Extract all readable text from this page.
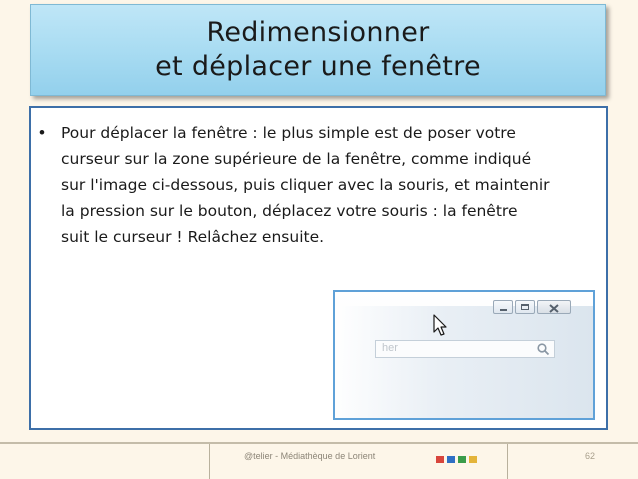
Redimensionner
et déplacer une fenêtre
•	Pour déplacer la fenêtre : le plus simple est de poser votre
curseur sur la zone supérieure de la fenêtre, comme indiqué
sur l'image ci-dessous, puis cliquer avec la souris, et maintenir
la pression sur le bouton, déplacez votre souris : la fenêtre
suit le curseur ! Relâchez ensuite.
her
@telier - Médiathèque de Lorient	62
